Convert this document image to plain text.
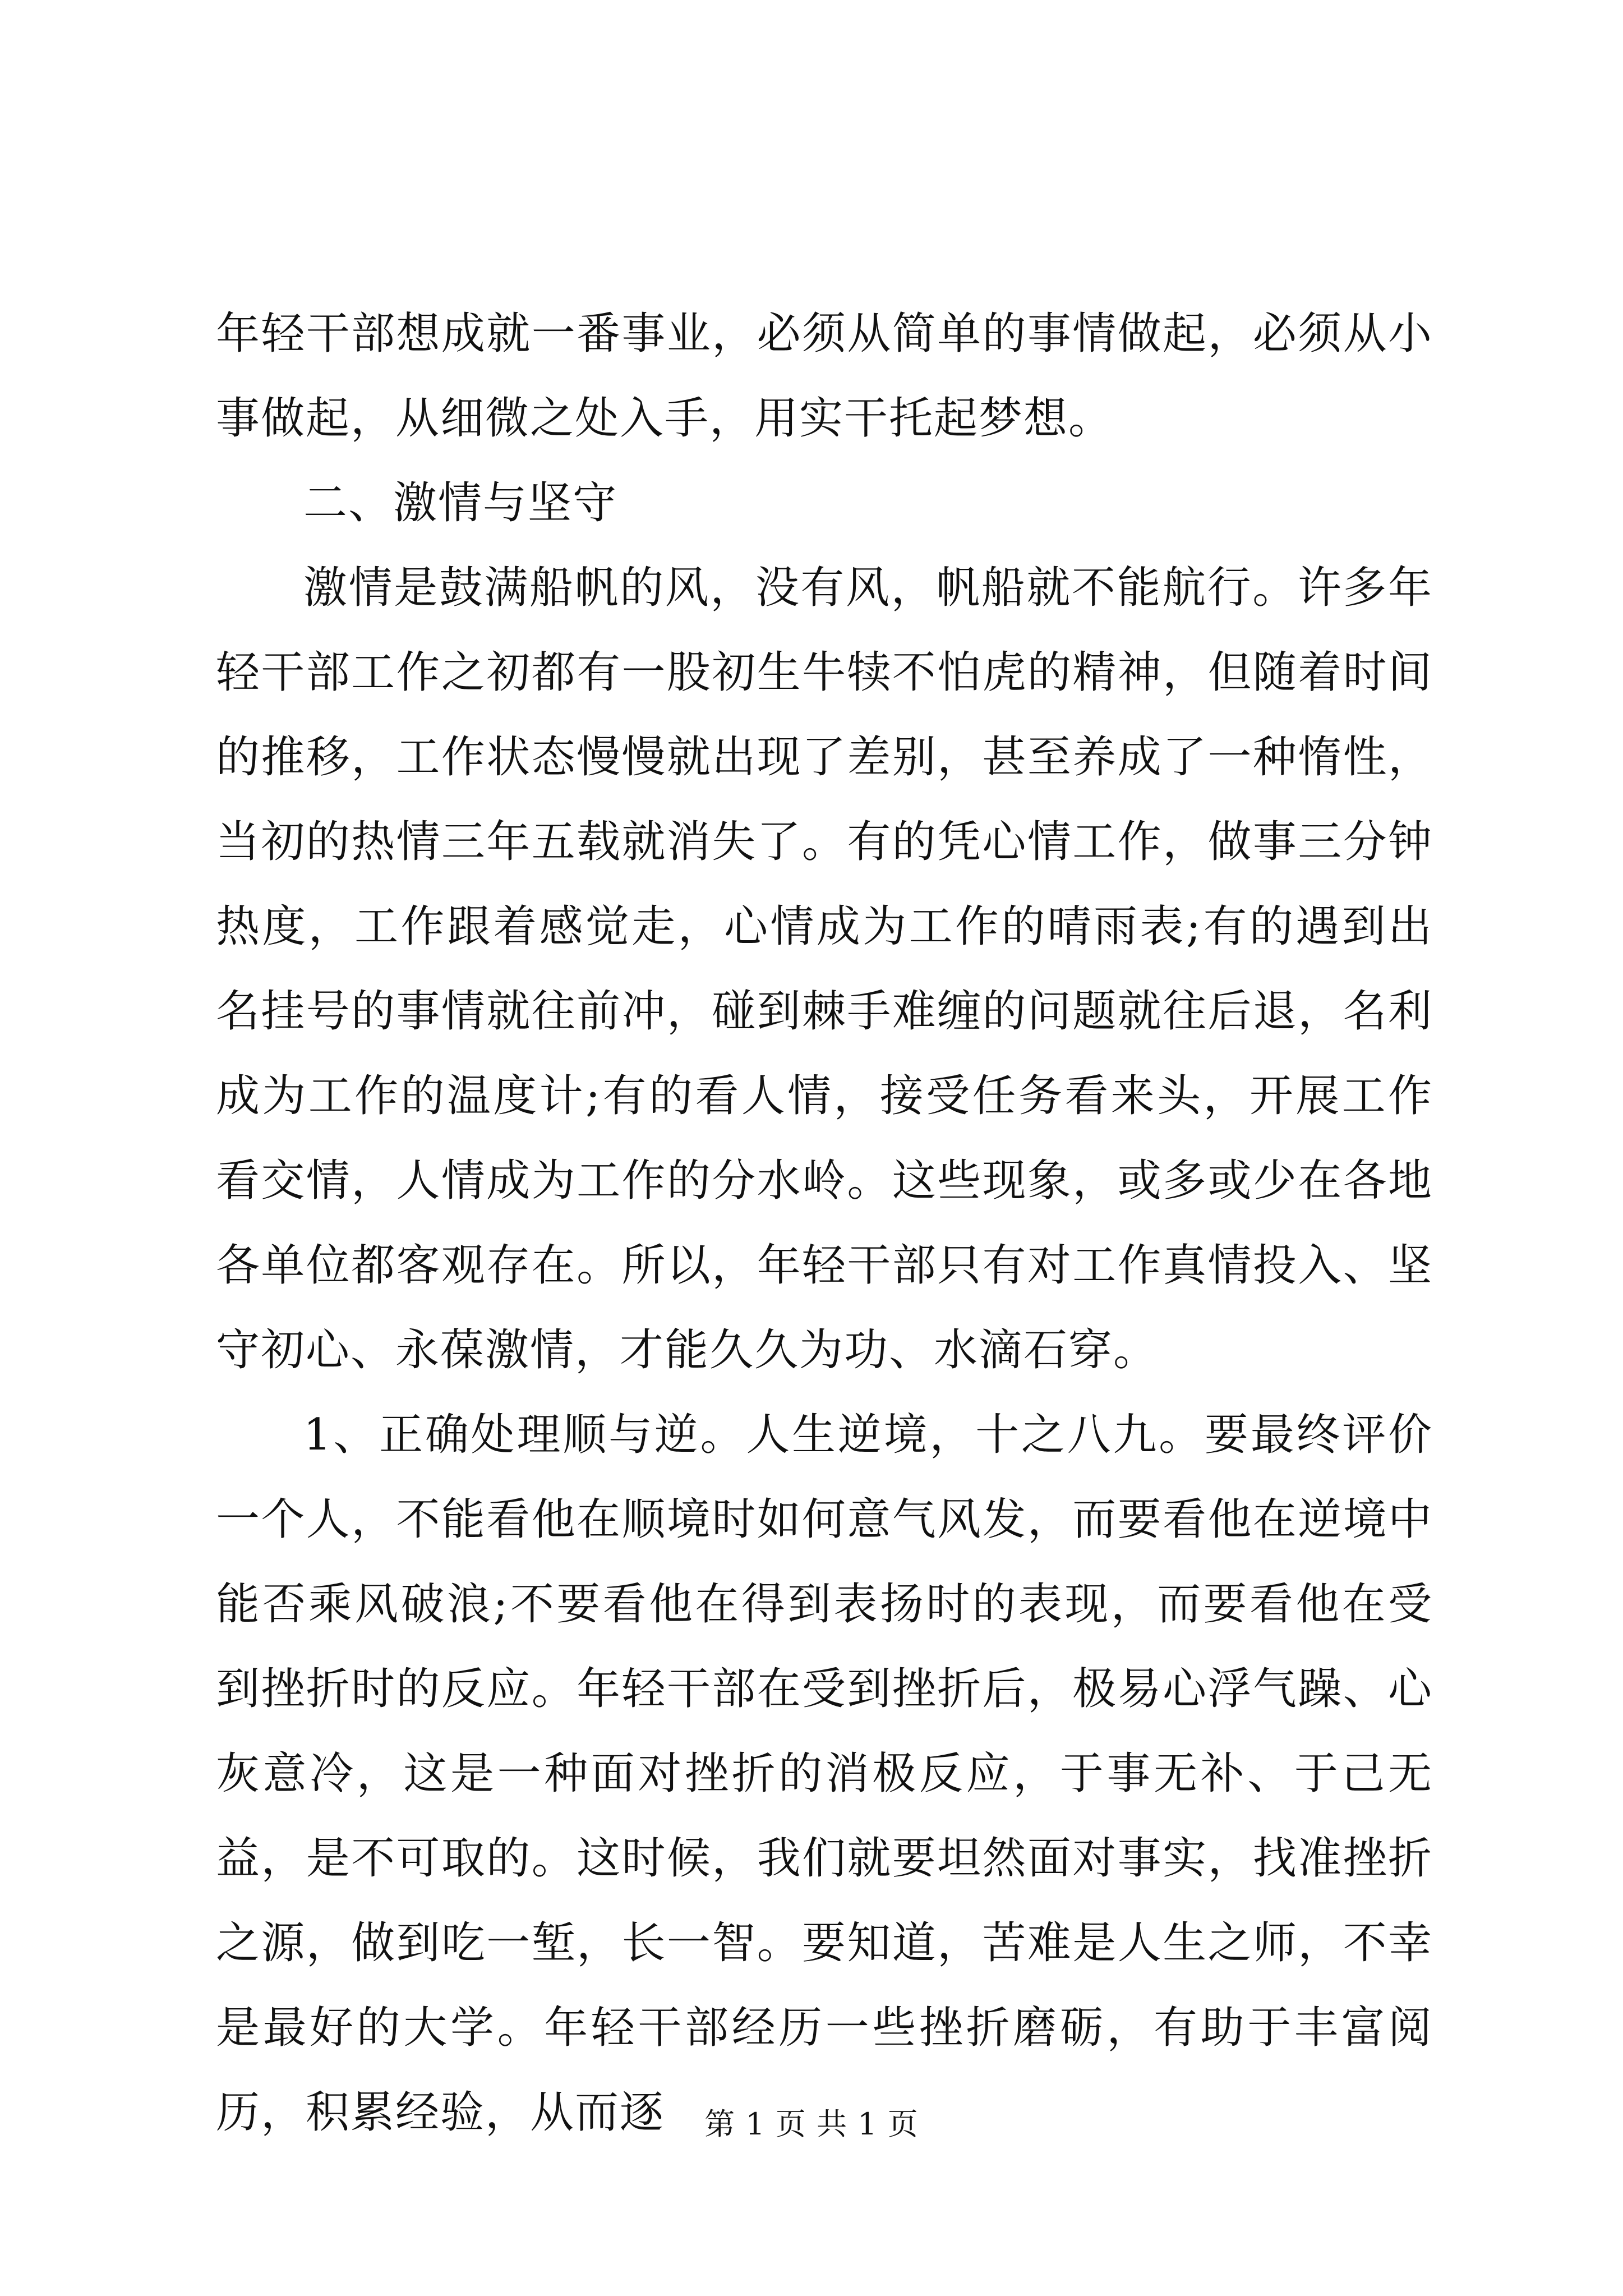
年轻干部想成就一番事业，必须从简单的事情做起，必须从小事做起，从细微之处入手，用实干托起梦想。

二、激情与坚守

激情是鼓满船帆的风，没有风，帆船就不能航行。许多年轻干部工作之初都有一股初生牛犊不怕虎的精神，但随着时间的推移，工作状态慢慢就出现了差别，甚至养成了一种惰性，当初的热情三年五载就消失了。有的凭心情工作，做事三分钟热度，工作跟着感觉走，心情成为工作的晴雨表;有的遇到出名挂号的事情就往前冲，碰到棘手难缠的问题就往后退，名利成为工作的温度计;有的看人情，接受任务看来头，开展工作看交情，人情成为工作的分水岭。这些现象，或多或少在各地各单位都客观存在。所以，年轻干部只有对工作真情投入、坚守初心、永葆激情，才能久久为功、水滴石穿。

1、正确处理顺与逆。人生逆境，十之八九。要最终评价一个人，不能看他在顺境时如何意气风发，而要看他在逆境中能否乘风破浪;不要看他在得到表扬时的表现，而要看他在受到挫折时的反应。年轻干部在受到挫折后，极易心浮气躁、心灰意冷，这是一种面对挫折的消极反应，于事无补、于己无益，是不可取的。这时候，我们就要坦然面对事实，找准挫折之源，做到吃一堑，长一智。要知道，苦难是人生之师，不幸是最好的大学。年轻干部经历一些挫折磨砺，有助于丰富阅历，积累经验，从而逐	第 1 页 共 1 页
